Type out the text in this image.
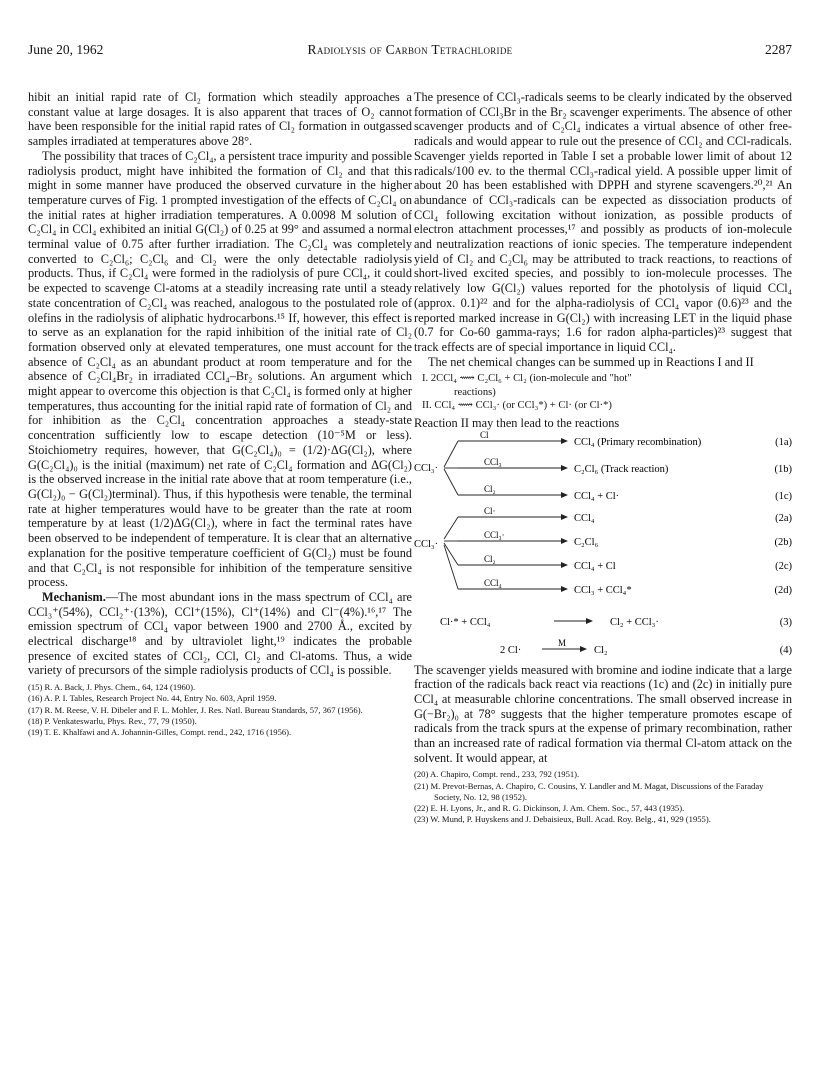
June 20, 1962	Radiolysis of Carbon Tetrachloride	2287

hibit an initial rapid rate of Cl₂ formation which steadily approaches a constant value at large dosages. It is also apparent that traces of O₂ cannot have been responsible for the initial rapid rates of Cl₂ formation in outgassed samples irradiated at temperatures above 28°.

The possibility that traces of C₂Cl₄, a persistent trace impurity and possible radiolysis product, might have inhibited the formation of Cl₂ and that this might in some manner have produced the observed curvature in the higher temperature curves of Fig. 1 prompted investigation of the effects of C₂Cl₄ on the initial rates at higher irradiation temperatures. A 0.0098 M solution of C₂Cl₄ in CCl₄ exhibited an initial G(Cl₂) of 0.25 at 99° and assumed a normal terminal value of 0.75 after further irradiation. The C₂Cl₄ was completely converted to C₂Cl₆; C₂Cl₆ and Cl₂ were the only detectable radiolysis products. Thus, if C₂Cl₄ were formed in the radiolysis of pure CCl₄, it could be expected to scavenge Cl-atoms at a steadily increasing rate until a steady state concentration of C₂Cl₄ was reached, analogous to the postulated role of olefins in the radiolysis of aliphatic hydrocarbons.¹⁵ If, however, this effect is to serve as an explanation for the rapid inhibition of the initial rate of Cl₂ formation observed only at elevated temperatures, one must account for the absence of C₂Cl₄ as an abundant product at room temperature and for the absence of C₂Cl₄Br₂ in irradiated CCl₄–Br₂ solutions. An argument which might appear to overcome this objection is that C₂Cl₄ is formed only at higher temperatures, thus accounting for the initial rapid rate of formation of Cl₂ and for inhibition as the C₂Cl₄ concentration approaches a steady-state concentration sufficiently low to escape detection (10⁻⁵M or less). Stoichiometry requires, however, that G(C₂Cl₄)₀ = (1/2)·ΔG(Cl₂), where G(C₂Cl₄)₀ is the initial (maximum) net rate of C₂Cl₄ formation and ΔG(Cl₂) is the observed increase in the initial rate above that at room temperature (i.e., G(Cl₂)₀ − G(Cl₂)terminal). Thus, if this hypothesis were tenable, the terminal rate at higher temperatures would have to be greater than the rate at room temperature by at least (1/2)ΔG(Cl₂), where in fact the terminal rates have been observed to be independent of temperature. It is clear that an alternative explanation for the positive temperature coefficient of G(Cl₂) must be found and that C₂Cl₄ is not responsible for inhibition of the temperature sensitive process.

Mechanism.—The most abundant ions in the mass spectrum of CCl₄ are CCl₃⁺(54%), CCl₂⁺·(13%), CCl⁺(15%), Cl⁺(14%) and Cl⁻(4%).¹⁶,¹⁷ The emission spectrum of CCl₄ vapor between 1900 and 2700 Å., excited by electrical discharge¹⁸ and by ultraviolet light,¹⁹ indicates the probable presence of excited states of CCl₂, CCl, Cl₂ and Cl-atoms. Thus, a wide variety of precursors of the simple radiolysis products of CCl₄ is possible.

(15) R. A. Back, J. Phys. Chem., 64, 124 (1960).
(16) A. P. I. Tables, Research Project No. 44, Entry No. 603, April 1959.
(17) R. M. Reese, V. H. Dibeler and F. L. Mohler, J. Res. Natl. Bureau Standards, 57, 367 (1956).
(18) P. Venkateswarlu, Phys. Rev., 77, 79 (1950).
(19) T. E. Khalfawi and A. Johannin-Gilles, Compt. rend., 242, 1716 (1956).

The presence of CCl₃-radicals seems to be clearly indicated by the observed formation of CCl₃Br in the Br₂ scavenger experiments. The absence of other scavenger products and of C₂Cl₄ indicates a virtual absence of other free-radicals and would appear to rule out the presence of CCl₂ and CCl-radicals. Scavenger yields reported in Table I set a probable lower limit of about 12 radicals/100 ev. to the thermal CCl₃-radical yield. A possible upper limit of about 20 has been established with DPPH and styrene scavengers.²⁰,²¹ An abundance of CCl₃-radicals can be expected as dissociation products of CCl₄ following excitation without ionization, as possible products of electron attachment processes,¹⁷ and possibly as products of ion-molecule and neutralization reactions of ionic species. The temperature independent yield of Cl₂ and C₂Cl₆ may be attributed to track reactions, to reactions of short-lived excited species, and possibly to ion-molecule processes. The relatively low G(Cl₂) values reported for the photolysis of liquid CCl₄ (approx. 0.1)²² and for the alpha-radiolysis of CCl₄ vapor (0.6)²³ and the reported marked increase in G(Cl₂) with increasing LET in the liquid phase (0.7 for Co-60 gamma-rays; 1.6 for radon alpha-particles)²³ suggest that track effects are of special importance in liquid CCl₄.

The net chemical changes can be summed up in Reactions I and II

I. 2CCl₄ ⟿ C₂Cl₆ + Cl₂ (ion-molecule and "hot"
reactions)
II. CCl₄ ⟿ CCl₃· (or CCl₃*) + Cl· (or Cl·*)

Reaction II may then lead to the reactions

CCl₃·
Cl
CCl₄ (Primary recombination)	(1a)
CCl₃
C₂Cl₆ (Track reaction)	(1b)
Cl₂
CCl₄ + Cl·	(1c)
CCl₃·
Cl·
CCl₄	(2a)
CCl₃·
C₂Cl₆	(2b)
Cl₂
CCl₄ + Cl	(2c)
CCl₄
CCl₃ + CCl₄*	(2d)
Cl·* + CCl₄	Cl₂ + CCl₃·	(3)
2 Cl·
M
Cl₂	(4)

The scavenger yields measured with bromine and iodine indicate that a large fraction of the radicals back react via reactions (1c) and (2c) in initially pure CCl₄ at measurable chlorine concentrations. The small observed increase in G(−Br₂)₀ at 78° suggests that the higher temperature promotes escape of radicals from the track spurs at the expense of primary recombination, rather than an increased rate of radical formation via thermal Cl-atom attack on the solvent. It would appear, at

(20) A. Chapiro, Compt. rend., 233, 792 (1951).
(21) M. Prevot-Bernas, A. Chapiro, C. Cousins, Y. Landler and M. Magat, Discussions of the Faraday Society, No. 12, 98 (1952).
(22) E. H. Lyons, Jr., and R. G. Dickinson, J. Am. Chem. Soc., 57, 443 (1935).
(23) W. Mund, P. Huyskens and J. Debaisieux, Bull. Acad. Roy. Belg., 41, 929 (1955).
